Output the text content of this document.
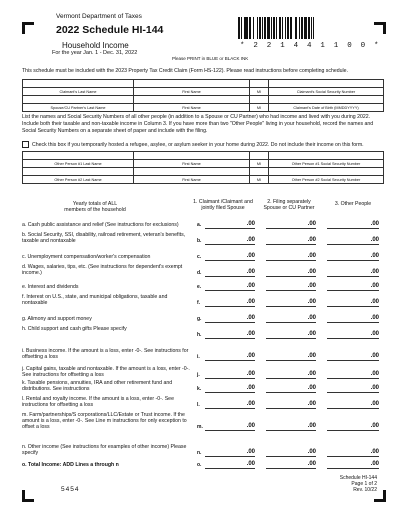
Vermont Department of Taxes
2022 Schedule HI-144
Household Income
For the year Jan. 1 - Dec. 31, 2022
Please PRINT in BLUE or BLACK INK
* 2 2 1 4 4 1 1 0 0 *
This schedule must be included with the 2023 Property Tax Credit Claim (Form HS-122). Please read instructions before completing schedule.

Claimant's Last Name	First Name	MI	Claimant's Social Security Number

Spouse/CU Partner's Last Name	First Name	MI	Claimant's Date of Birth (MMDDYYYY)
List the names and Social Security Numbers of all other people (in addition to a Spouse or CU Partner) who had income and lived with you during 2022. Include both their taxable and non-taxable income in Column 3. If you have more than two "Other People" living in your household, record the names and Social Security Numbers on a separate sheet of paper and include with the filing.
Check this box if you temporarily hosted a refugee, asylee, or asylum seeker in your home during 2022. Do not include their income on this form.

Other Person #1 Last Name	First Name	MI	Other Person #1 Social Security Number

Other Person #2 Last Name	First Name	MI	Other Person #2 Social Security Number
Yearly totals of ALL
members of the household
1. Claimant /Claimant and jointly filed Spouse
2. Filing separately Spouse or CU Partner
3. Other People
a. Cash public assistance and relief (See instructions for exclusions)	a.	.00	.00	.00
b. Social Security, SSI, disability, railroad retirement, veteran's benefits, taxable and nontaxable	b.	.00	.00	.00
c. Unemployment compensation/worker's compensation	c.	.00	.00	.00
d. Wages, salaries, tips, etc. (See instructions for dependent's exempt income.)	d.	.00	.00	.00
e. Interest and dividends	e.	.00	.00	.00
f. Interest on U.S., state, and municipal obligations, taxable and nontaxable	f.	.00	.00	.00
g. Alimony and support money	g.	.00	.00	.00
h. Child support and cash gifts Please specify
h.	.00	.00	.00
i. Business income. If the amount is a loss, enter -0-. See instructions for offsetting a loss	i.	.00	.00	.00
j. Capital gains, taxable and nontaxable. If the amount is a loss, enter -0-. See instructions for offsetting a loss	j.	.00	.00	.00
k. Taxable pensions, annuities, IRA and other retirement fund and distributions. See instructions	k.	.00	.00	.00
l. Rental and royalty income. If the amount is a loss, enter -0-. See instructions for offsetting a loss	l.	.00	.00	.00
m. Farm/partnerships/S corporations/LLC/Estate or Trust income. If the amount is a loss, enter -0-. See Line m instructions for only exception to offset a loss	m.	.00	.00	.00
n. Other income (See instructions for examples of other income) Please specify	n.	.00	.00	.00
o. Total Income: ADD Lines a through n	o.	.00	.00	.00
5454
Schedule HI-144
Page 1 of 2
Rev. 10/22
